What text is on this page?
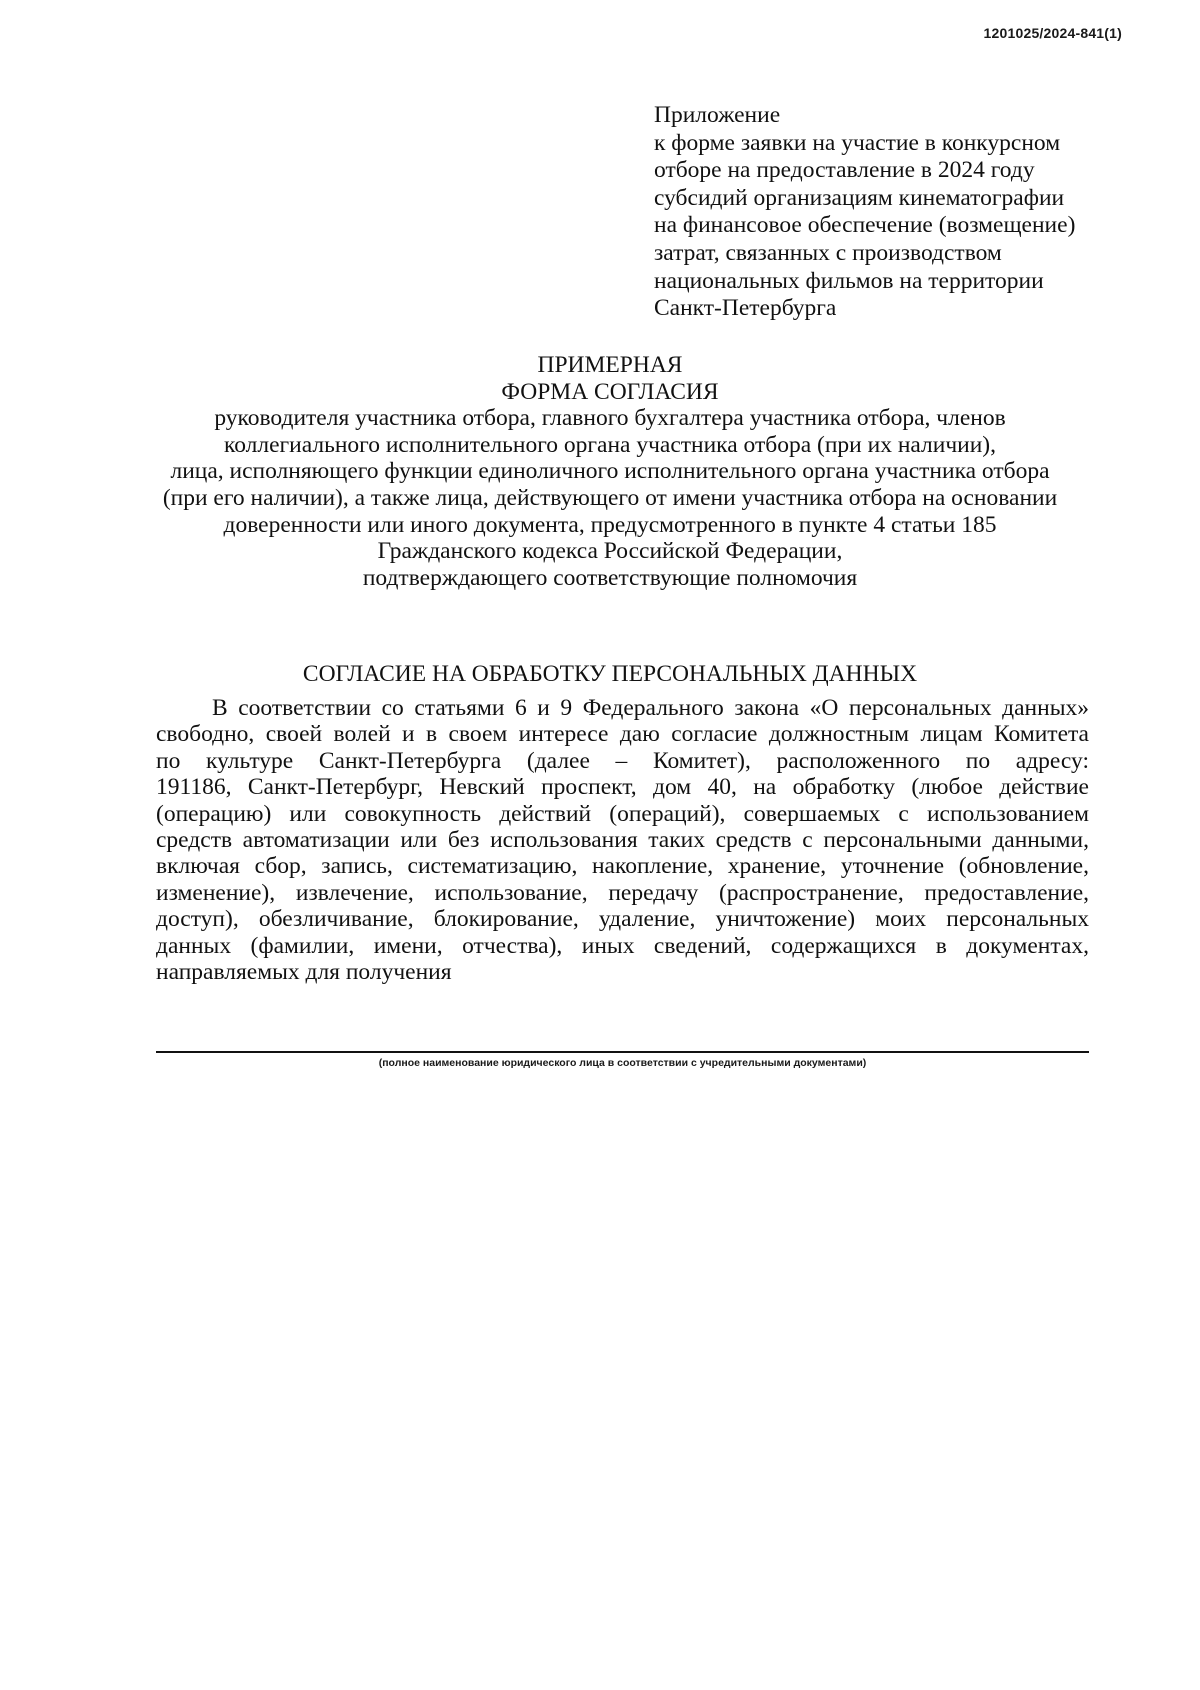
1201025/2024-841(1)
Приложение
к форме заявки на участие в конкурсном
отборе на предоставление в 2024 году
субсидий организациям кинематографии
на финансовое обеспечение (возмещение)
затрат, связанных с производством
национальных фильмов на территории
Санкт-Петербурга
ПРИМЕРНАЯ
ФОРМА СОГЛАСИЯ
руководителя участника отбора, главного бухгалтера участника отбора, членов
коллегиального исполнительного органа участника отбора (при их наличии),
лица, исполняющего функции единоличного исполнительного органа участника отбора
(при его наличии), а также лица, действующего от имени участника отбора на основании
доверенности или иного документа, предусмотренного в пункте 4 статьи 185
Гражданского кодекса Российской Федерации,
подтверждающего соответствующие полномочия
СОГЛАСИЕ НА ОБРАБОТКУ ПЕРСОНАЛЬНЫХ ДАННЫХ
В соответствии со статьями 6 и 9 Федерального закона «О персональных данных»
свободно, своей волей и в своем интересе даю согласие должностным лицам Комитета
по культуре Санкт-Петербурга (далее – Комитет), расположенного по адресу:
191186, Санкт-Петербург, Невский проспект, дом 40, на обработку (любое действие
(операцию) или совокупность действий (операций), совершаемых с использованием
средств автоматизации или без использования таких средств с персональными данными,
включая сбор, запись, систематизацию, накопление, хранение, уточнение (обновление,
изменение), извлечение, использование, передачу (распространение, предоставление,
доступ), обезличивание, блокирование, удаление, уничтожение) моих персональных
данных (фамилии, имени, отчества), иных сведений, содержащихся в документах,
направляемых для получения
(полное наименование юридического лица в соответствии с учредительными документами)
